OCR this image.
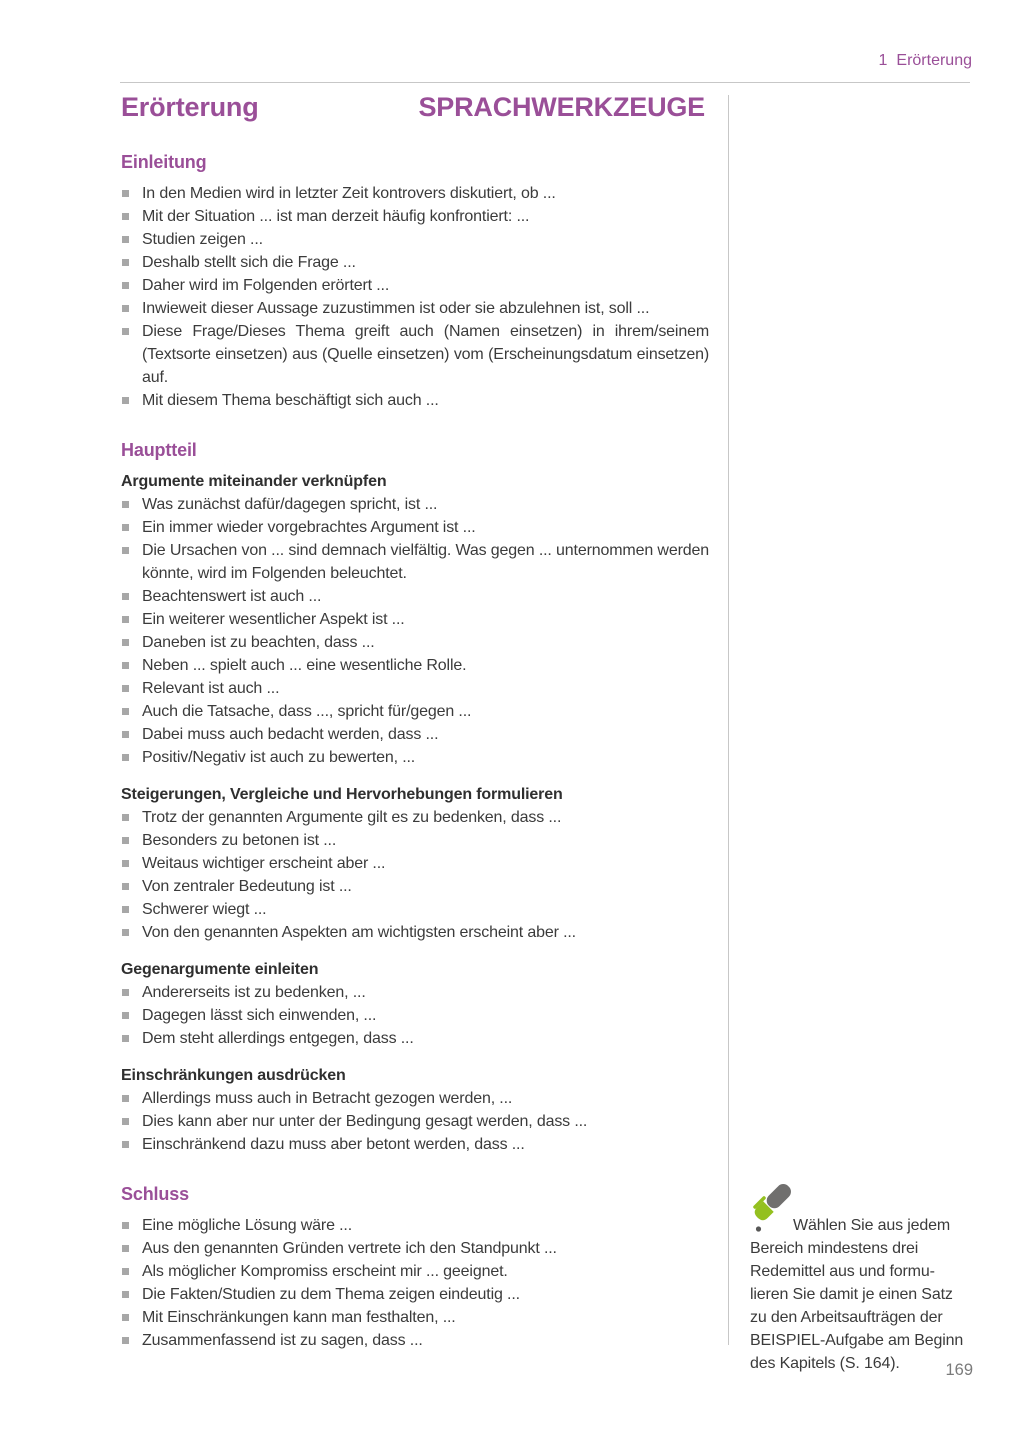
1 Erörterung
Erörterung	SPRACHWERKZEUGE
Einleitung
In den Medien wird in letzter Zeit kontrovers diskutiert, ob ...
Mit der Situation ... ist man derzeit häufig konfrontiert: ...
Studien zeigen ...
Deshalb stellt sich die Frage ...
Daher wird im Folgenden erörtert ...
Inwieweit dieser Aussage zuzustimmen ist oder sie abzulehnen ist, soll ...
Diese Frage/Dieses Thema greift auch (Namen einsetzen) in ihrem/seinem (Textsorte einsetzen) aus (Quelle einsetzen) vom (Erscheinungsdatum einsetzen) auf.
Mit diesem Thema beschäftigt sich auch ...
Hauptteil
Argumente miteinander verknüpfen
Was zunächst dafür/dagegen spricht, ist ...
Ein immer wieder vorgebrachtes Argument ist ...
Die Ursachen von ... sind demnach vielfältig. Was gegen ... unternommen werden könnte, wird im Folgenden beleuchtet.
Beachtenswert ist auch ...
Ein weiterer wesentlicher Aspekt ist ...
Daneben ist zu beachten, dass ...
Neben ... spielt auch ... eine wesentliche Rolle.
Relevant ist auch ...
Auch die Tatsache, dass ..., spricht für/gegen ...
Dabei muss auch bedacht werden, dass ...
Positiv/Negativ ist auch zu bewerten, ...
Steigerungen, Vergleiche und Hervorhebungen formulieren
Trotz der genannten Argumente gilt es zu bedenken, dass ...
Besonders zu betonen ist ...
Weitaus wichtiger erscheint aber ...
Von zentraler Bedeutung ist ...
Schwerer wiegt ...
Von den genannten Aspekten am wichtigsten erscheint aber ...
Gegenargumente einleiten
Andererseits ist zu bedenken, ...
Dagegen lässt sich einwenden, ...
Dem steht allerdings entgegen, dass ...
Einschränkungen ausdrücken
Allerdings muss auch in Betracht gezogen werden, ...
Dies kann aber nur unter der Bedingung gesagt werden, dass ...
Einschränkend dazu muss aber betont werden, dass ...
Schluss
Eine mögliche Lösung wäre ...
Aus den genannten Gründen vertrete ich den Standpunkt ...
Als möglicher Kompromiss erscheint mir ... geeignet.
Die Fakten/Studien zu dem Thema zeigen eindeutig ...
Mit Einschränkungen kann man festhalten, ...
Zusammenfassend ist zu sagen, dass ...
Wählen Sie aus jedem
Bereich mindestens drei
Redemittel aus und formu-
lieren Sie damit je einen Satz
zu den Arbeitsaufträgen der
BEISPIEL-Aufgabe am Beginn
des Kapitels (S. 164).	169
